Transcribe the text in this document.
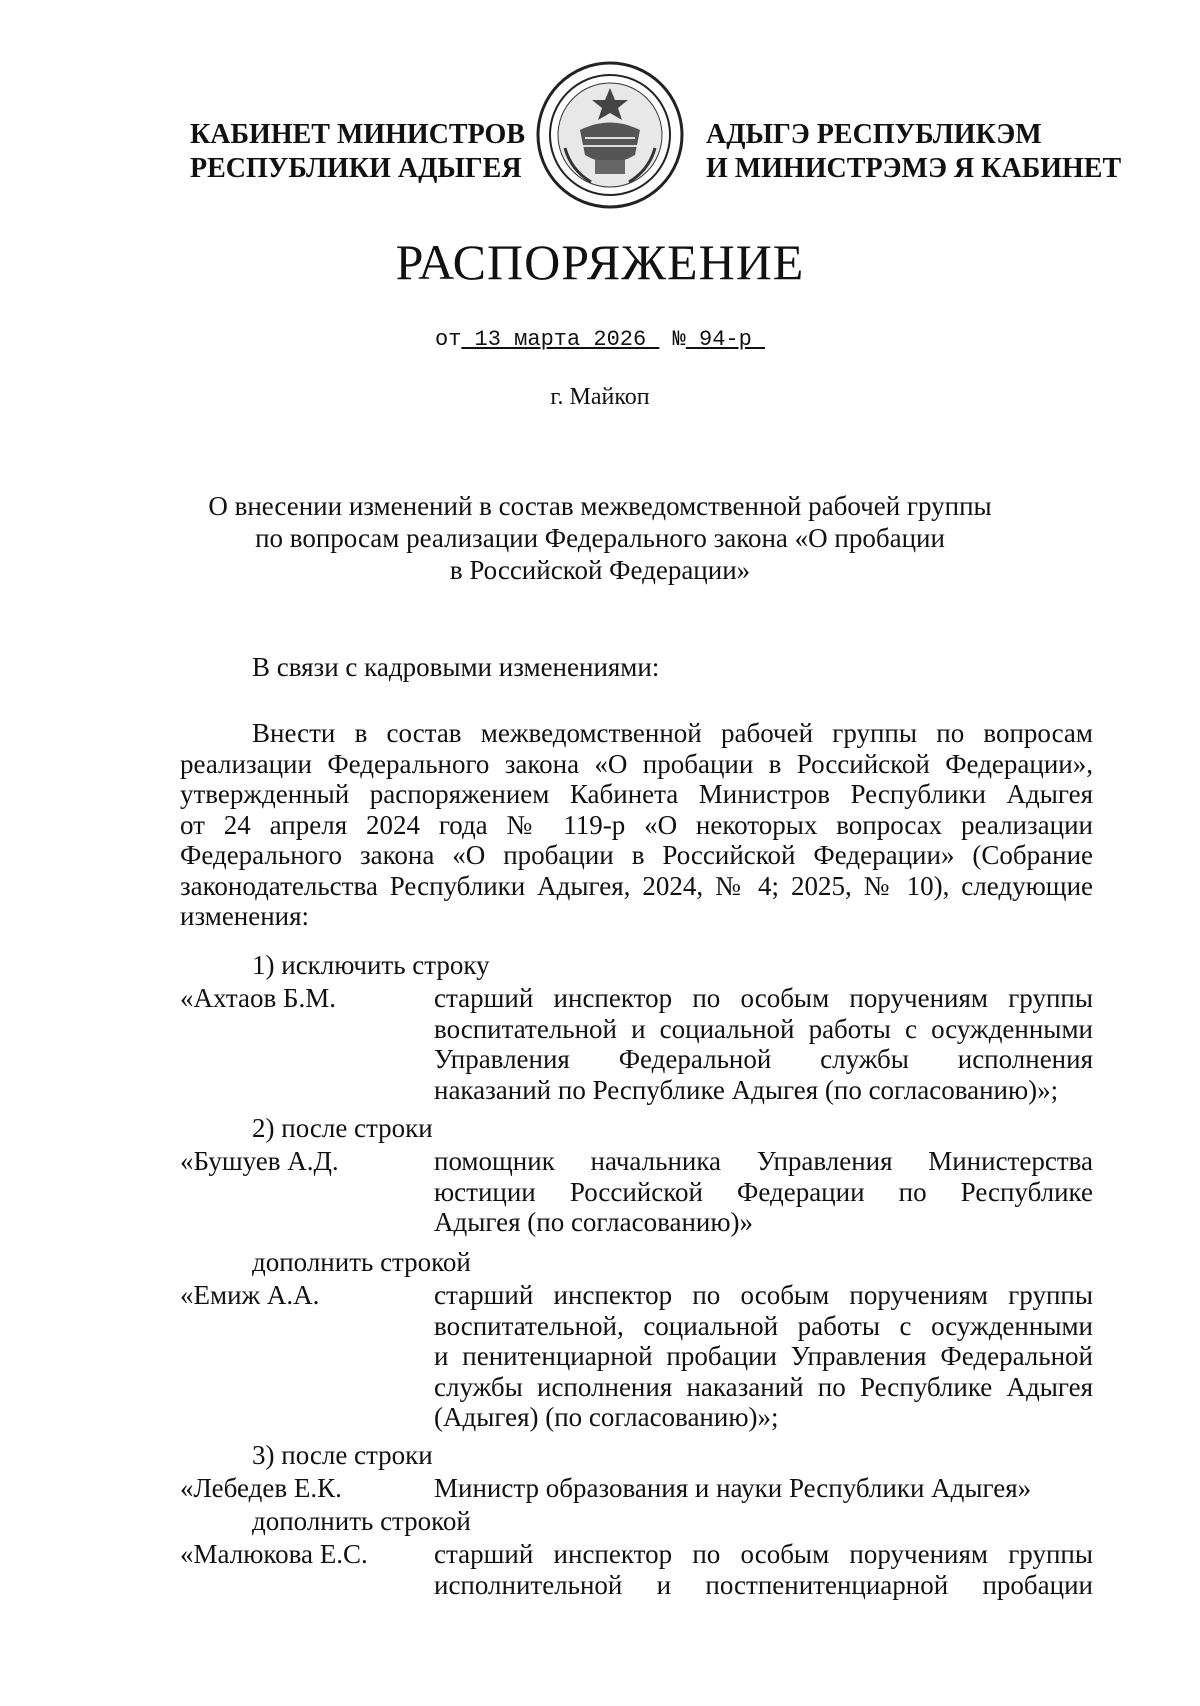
КАБИНЕТ МИНИСТРОВ
РЕСПУБЛИКИ АДЫГЕЯ
АДЫГЭ РЕСПУБЛИКЭМ
И МИНИСТРЭМЭ Я КАБИНЕТ
РАСПОРЯЖЕНИЕ
от 13 марта 2026  № 94-р
г. Майкоп
О внесении изменений в состав межведомственной рабочей группы
по вопросам реализации Федерального закона «О пробации
в Российской Федерации»
В связи с кадровыми изменениями:
Внести в состав межведомственной рабочей группы по вопросам
реализации Федерального закона «О пробации в Российской Федерации»,
утвержденный распоряжением Кабинета Министров Республики Адыгея
от 24 апреля 2024 года № 119-р «О некоторых вопросах реализации
Федерального закона «О пробации в Российской Федерации» (Собрание
законодательства Республики Адыгея, 2024, № 4; 2025, № 10), следующие
изменения:
1) исключить строку
«Ахтаов Б.М.	старший инспектор по особым поручениям группы
воспитательной и социальной работы с осужденными
Управления Федеральной службы исполнения
наказаний по Республике Адыгея (по согласованию)»;
2) после строки
«Бушуев А.Д.	помощник начальника Управления Министерства
юстиции Российской Федерации по Республике
Адыгея (по согласованию)»
дополнить строкой
«Емиж А.А.	старший инспектор по особым поручениям группы
воспитательной, социальной работы с осужденными
и пенитенциарной пробации Управления Федеральной
службы исполнения наказаний по Республике Адыгея
(Адыгея) (по согласованию)»;
3) после строки
«Лебедев Е.К.	Министр образования и науки Республики Адыгея»
дополнить строкой
«Малюкова Е.С. старший инспектор по особым поручениям группы
исполнительной и постпенитенциарной пробации
